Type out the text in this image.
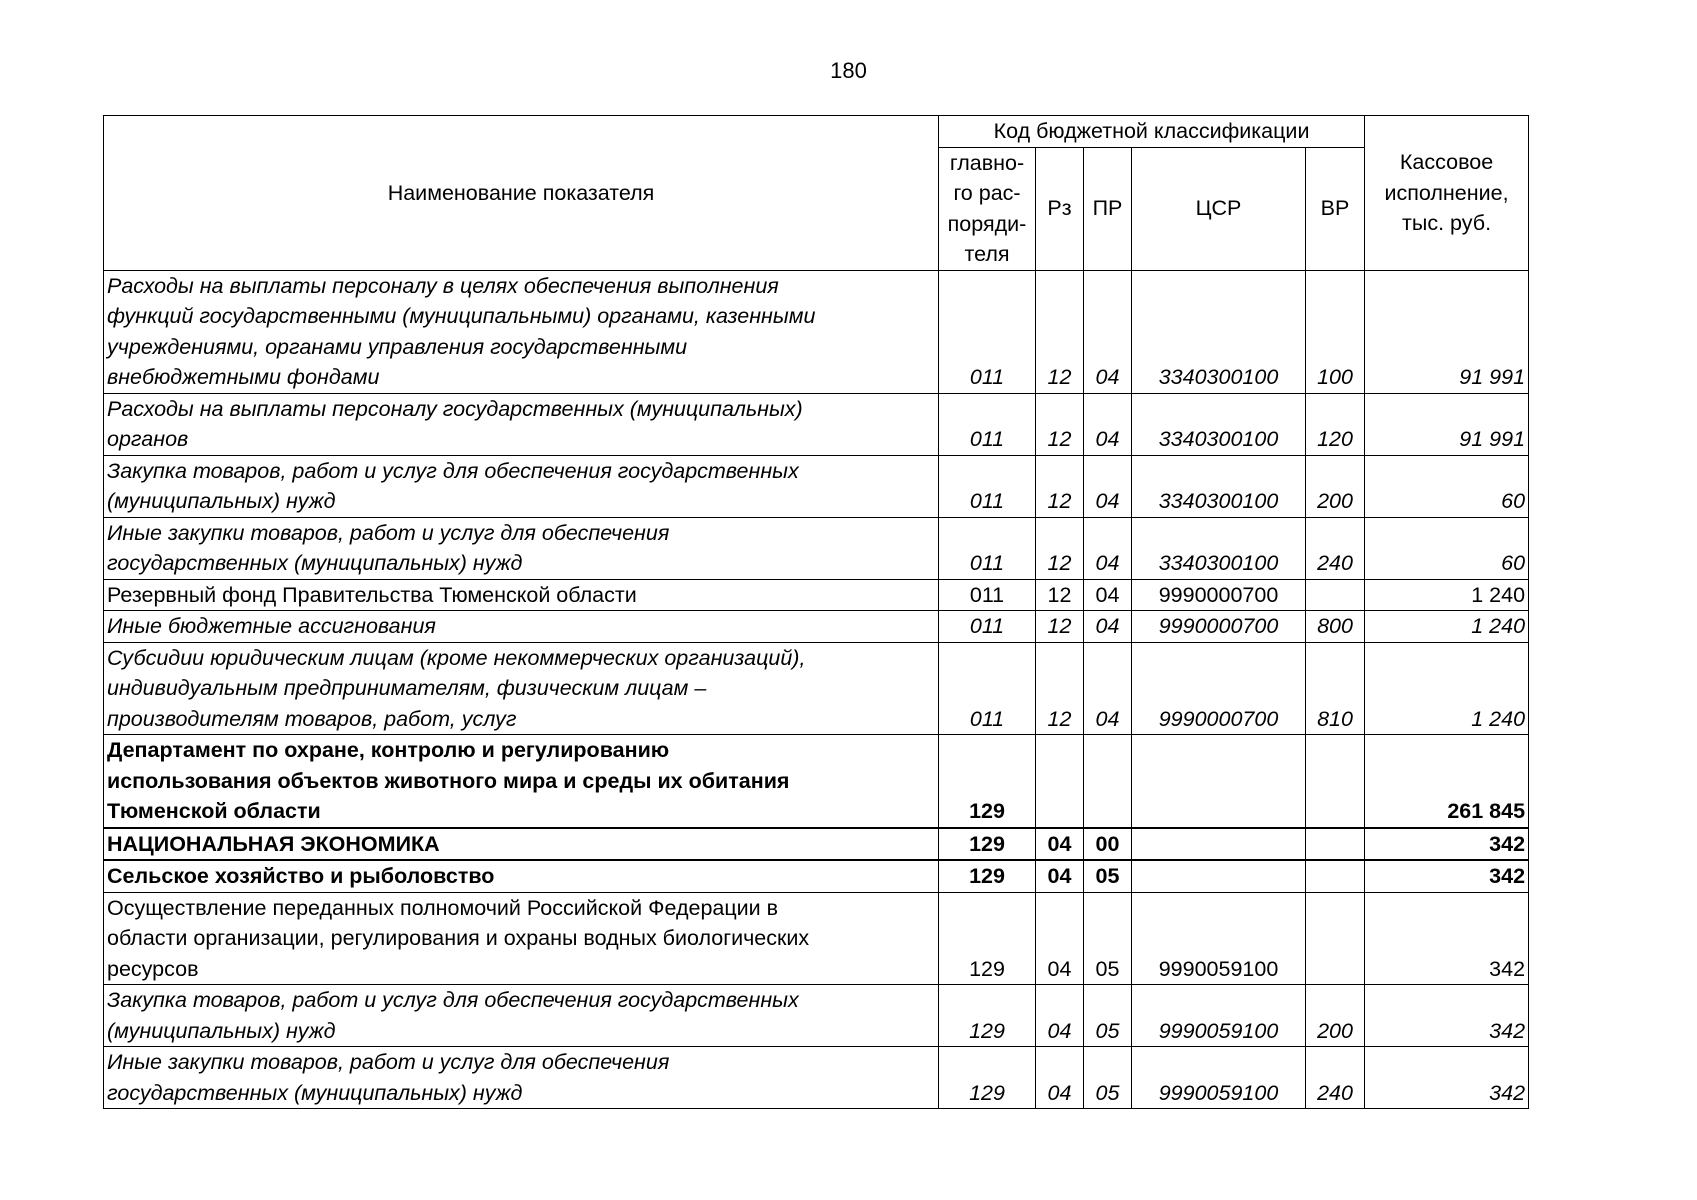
180
Наименование показателя	Код бюджетной классификации					Кассовое
исполнение,
тыс. руб.

	главно-
го рас-
поряди-
теля	Рз	ПР	ЦСР	ВР	

Расходы на выплаты персоналу в целях обеспечения выполнения
функций государственными (муниципальными) органами, казенными
учреждениями, органами управления государственными
внебюджетными фондами	011	12	04	3340300100	100	91 991

Расходы на выплаты персоналу государственных (муниципальных)
органов	011	12	04	3340300100	120	91 991

Закупка товаров, работ и услуг для обеспечения государственных
(муниципальных) нужд	011	12	04	3340300100	200	60

Иные закупки товаров, работ и услуг для обеспечения
государственных (муниципальных) нужд	011	12	04	3340300100	240	60

Резервный фонд Правительства Тюменской области	011	12	04	9990000700		1 240

Иные бюджетные ассигнования	011	12	04	9990000700	800	1 240

Субсидии юридическим лицам (кроме некоммерческих организаций),
индивидуальным предпринимателям, физическим лицам –
производителям товаров, работ, услуг	011	12	04	9990000700	810	1 240

Департамент по охране, контролю и регулированию
использования объектов животного мира и среды их обитания
Тюменской области	129					261 845

НАЦИОНАЛЬНАЯ ЭКОНОМИКА	129	04	00			342

Сельское хозяйство и рыболовство	129	04	05			342

Осуществление переданных полномочий Российской Федерации в
области организации, регулирования и охраны водных биологических
ресурсов	129	04	05	9990059100		342

Закупка товаров, работ и услуг для обеспечения государственных
(муниципальных) нужд	129	04	05	9990059100	200	342

Иные закупки товаров, работ и услуг для обеспечения
государственных (муниципальных) нужд	129	04	05	9990059100	240	342
